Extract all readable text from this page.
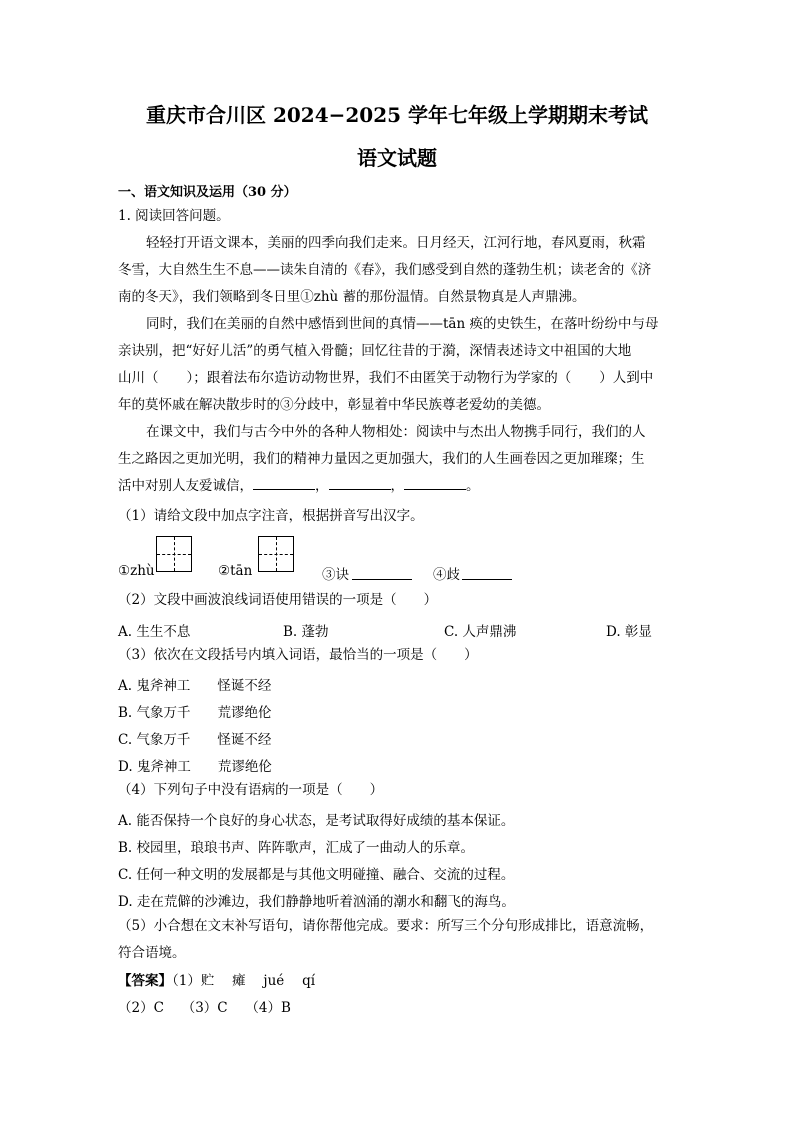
重庆市合川区 2024−2025 学年七年级上学期期末考试
语文试题
一、语文知识及运用（30 分）
1. 阅读回答问题。
轻轻打开语文课本，美丽的四季向我们走来。日月经天，江河行地，春风夏雨，秋霜
冬雪，大自然生生不息——读朱自清的《春》，我们感受到自然的蓬勃生机；读老舍的《济
南的冬天》，我们领略到冬日里①zhù 蓄的那份温情。自然景物真是人声鼎沸。
同时，我们在美丽的自然中感悟到世间的真情——tān 痪的史铁生，在落叶纷纷中与母
亲诀别，把“好好儿活”的勇气植入骨髓；回忆往昔的于漪，深情表述诗文中祖国的大地
山川（ ）；跟着法布尔造访动物世界，我们不由匿笑于动物行为学家的（ ）人到中
年的莫怀戚在解决散步时的③分歧中，彰显着中华民族尊老爱幼的美德。
在课文中，我们与古今中外的各种人物相处：阅读中与杰出人物携手同行，我们的人
生之路因之更加光明，我们的精神力量因之更加强大，我们的人生画卷因之更加璀璨；生
活中对别人友爱诚信，	，	，	。
（1）请给文段中加点字注音，根据拼音写出汉字。
①zhù	②tān	③诀	④歧
（2）文段中画波浪线词语使用错误的一项是（　　）
A. 生生不息	B. 蓬勃	C. 人声鼎沸	D. 彰显
（3）依次在文段括号内填入词语，最恰当的一项是（　　）
A. 鬼斧神工　　怪诞不经
B. 气象万千　　荒谬绝伦
C. 气象万千　　怪诞不经
D. 鬼斧神工　　荒谬绝伦
（4）下列句子中没有语病的一项是（　　）
A. 能否保持一个良好的身心状态，是考试取得好成绩的基本保证。
B. 校园里，琅琅书声、阵阵歌声，汇成了一曲动人的乐章。
C. 任何一种文明的发展都是与其他文明碰撞、融合、交流的过程。
D. 走在荒僻的沙滩边，我们静静地听着汹涌的潮水和翻飞的海鸟。
（5）小合想在文末补写语句，请你帮他完成。要求：所写三个分句形成排比，语意流畅，
符合语境。
【答案】（1）贮　 瘫　 jué　 qí
（2）C　 （3）C　 （4）B
